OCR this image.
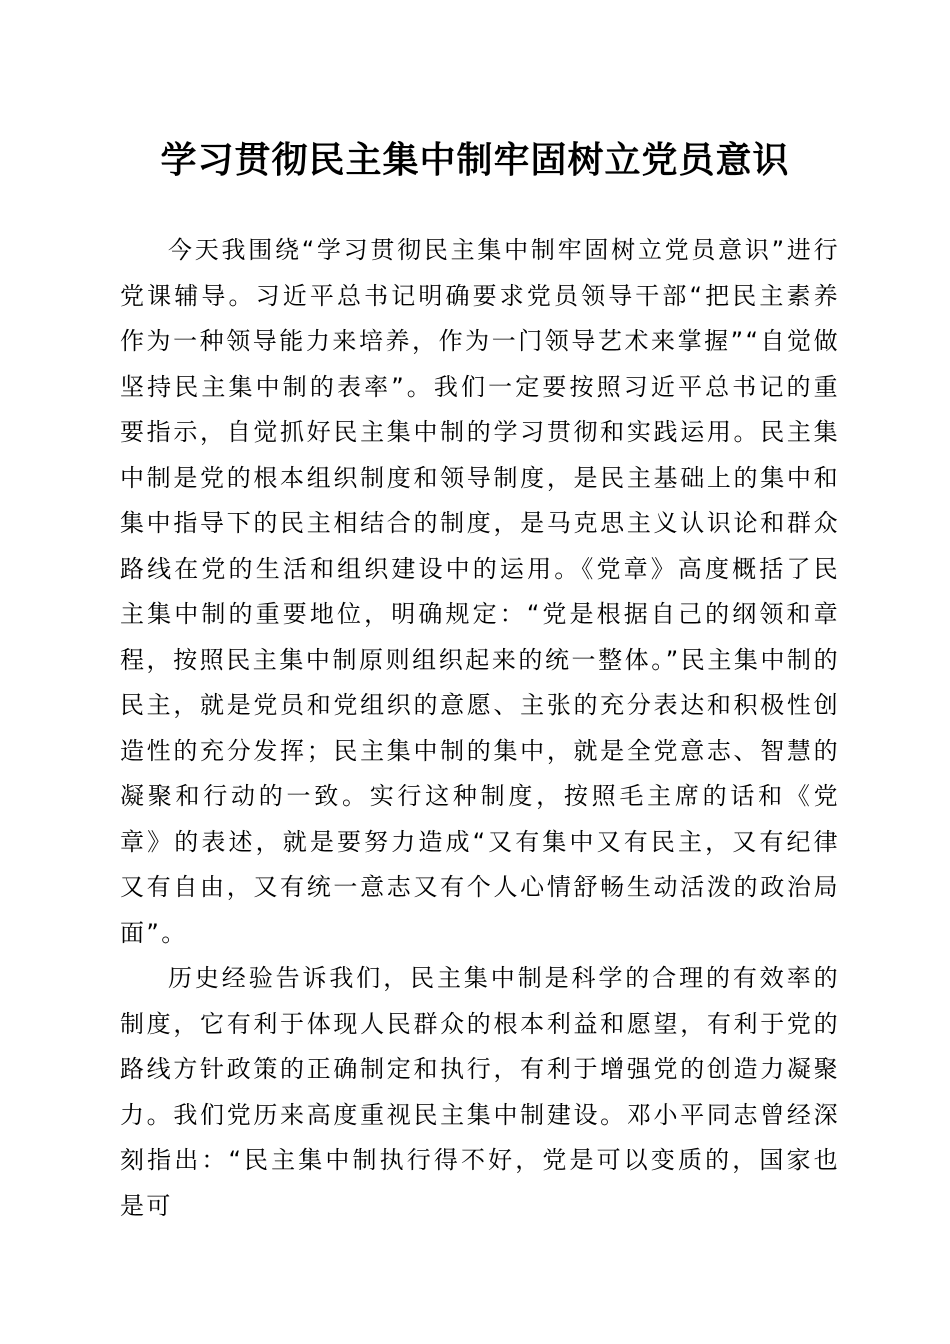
学习贯彻民主集中制牢固树立党员意识

今天我围绕“学习贯彻民主集中制牢固树立党员意识”进行党课辅导。习近平总书记明确要求党员领导干部“把民主素养作为一种领导能力来培养，作为一门领导艺术来掌握”“自觉做坚持民主集中制的表率”。我们一定要按照习近平总书记的重要指示，自觉抓好民主集中制的学习贯彻和实践运用。民主集中制是党的根本组织制度和领导制度，是民主基础上的集中和集中指导下的民主相结合的制度，是马克思主义认识论和群众路线在党的生活和组织建设中的运用。《党章》高度概括了民主集中制的重要地位，明确规定：“党是根据自己的纲领和章程，按照民主集中制原则组织起来的统一整体。”民主集中制的民主，就是党员和党组织的意愿、主张的充分表达和积极性创造性的充分发挥；民主集中制的集中，就是全党意志、智慧的凝聚和行动的一致。实行这种制度，按照毛主席的话和《党章》的表述，就是要努力造成“又有集中又有民主，又有纪律又有自由，又有统一意志又有个人心情舒畅生动活泼的政治局面”。

历史经验告诉我们，民主集中制是科学的合理的有效率的制度，它有利于体现人民群众的根本利益和愿望，有利于党的路线方针政策的正确制定和执行，有利于增强党的创造力凝聚力。我们党历来高度重视民主集中制建设。邓小平同志曾经深刻指出：“民主集中制执行得不好，党是可以变质的，国家也是可
